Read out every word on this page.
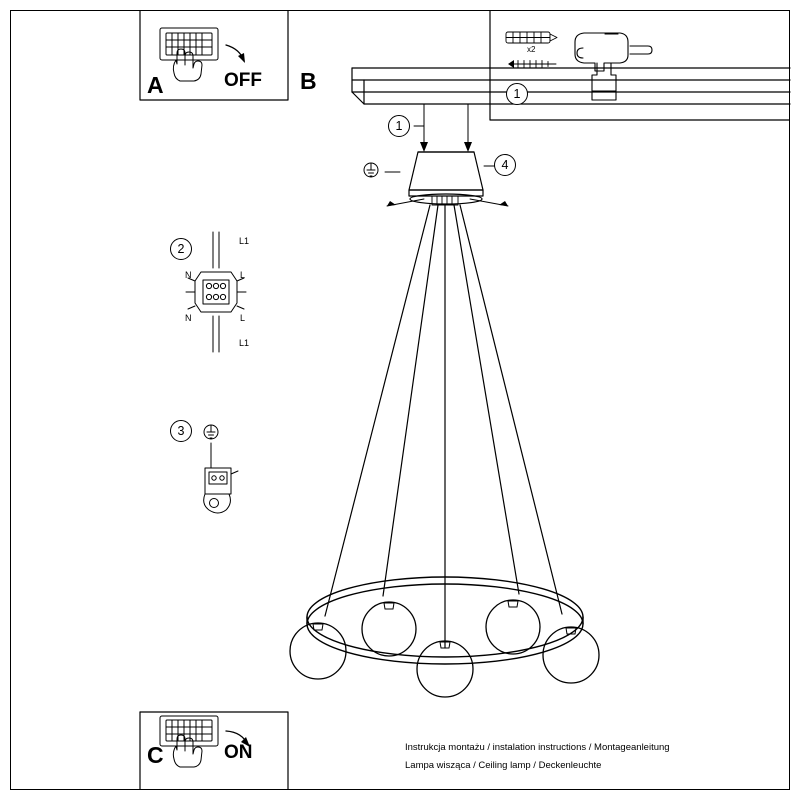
A	OFF B
C	ON
1
x2
1
2
3
4
L1
N	L
N	L
L1
Instrukcja montażu / instalation instructions / Montageanleitung
Lampa wisząca / Ceiling lamp / Deckenleuchte
